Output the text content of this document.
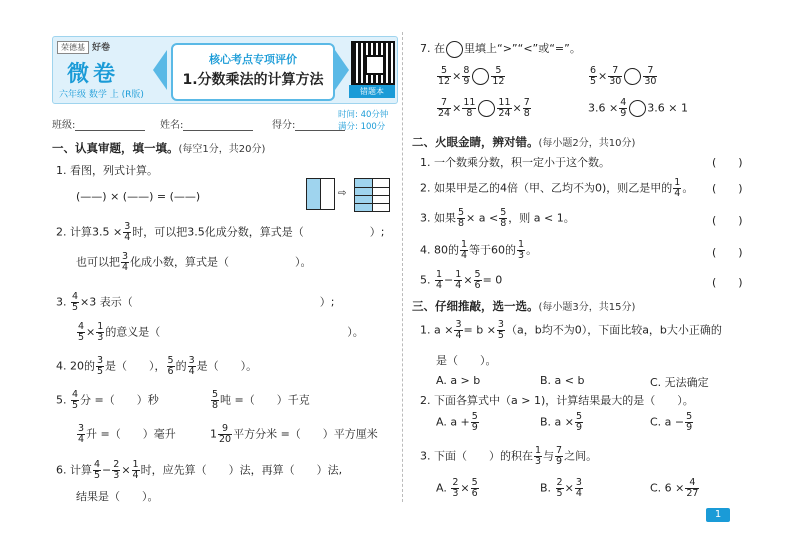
荣德基 好卷
微卷
六年级 数学 上 (R版)
核心考点专项评价
1.分数乘法的计算方法
错题本
班级:	姓名:	得分:
时间: 40分钟
满分: 100分
一、认真审题，填一填。(每空1分，共20分)
1. 看图，列式计算。
(——) × (——) = (——)	⇨
2. 计算$3.5 \times \frac{3}{4}$ 时，可以把3.5化成分数，算式是（　　　　　　）;
也可以把 $\frac{3}{4}$ 化成小数，算式是（　　　　　　）。
3. $\frac{4}{5} \times 3$ 表示（　　　　　　　　　　　　　　　　　）;
$\frac{4}{5} \times \frac{1}{3}$ 的意义是（　　　　　　　　　　　　　　　　　）。
4. 20的 $\frac{3}{5}$ 是（　　）， $\frac{5}{6}$ 的 $\frac{3}{4}$ 是（　　）。
5. $\frac{4}{5}$ 分 =（　　）秒	$\frac{5}{8}$ 吨 =（　　）千克
$\frac{3}{4}$ 升 =（　　）毫升	$1 \frac{9}{20}$ 平方分米 =（　　）平方厘米
6. 计算 $\frac{4}{5} - \frac{2}{3} \times \frac{1}{4}$ 时，应先算（　　）法，再算（　　）法,
结果是（　　）。
7. 在 里填上“>”“<”或“=”。
$\frac{5}{12} \times \frac{8}{9} \frac{5}{12}$	$\frac{6}{5} \times \frac{7}{30} \frac{7}{30}$
$\frac{7}{24} \times \frac{11}{8} \frac{11}{24} \times \frac{7}{8}$	$3.6 \times \frac{4}{9} 3.6 \times 1$
二、火眼金睛，辨对错。(每小题2分，共10分)
1. 一个数乘分数，积一定小于这个数。	(　　)
2. 如果甲是乙的4倍（甲、乙均不为0)，则乙是甲的 $\frac{1}{4}$ 。 (　　)
3. 如果 $\frac{5}{8} \times a < \frac{5}{8}$ ，则 a < 1。	(　　)
4. 80的 $\frac{1}{4}$ 等于60的 $\frac{1}{3}$ 。	(　　)
5. $\frac{1}{4} - \frac{1}{4} \times \frac{5}{6} = 0$	(　　)
三、仔细推敲，选一选。(每小题3分，共15分)
1. $a \times \frac{3}{4} = b \times \frac{3}{5} (a$，b均不为0），下面比较a，b大小正确的
是（　　）。
A. a > b	B. a < b	C. 无法确定
2. 下面各算式中（a > 1)，计算结果最大的是（　　）。
A. $a + \frac{5}{9}$	B. $a \times \frac{5}{9}$	C. $a - \frac{5}{9}$
3. 下面（　　）的积在 $\frac{1}{3}$ 与 $\frac{7}{9}$ 之间。
A. $\frac{2}{3} \times \frac{5}{6}$	B. $\frac{2}{5} \times \frac{3}{4}$	C. $6 \times \frac{4}{27}$
1
